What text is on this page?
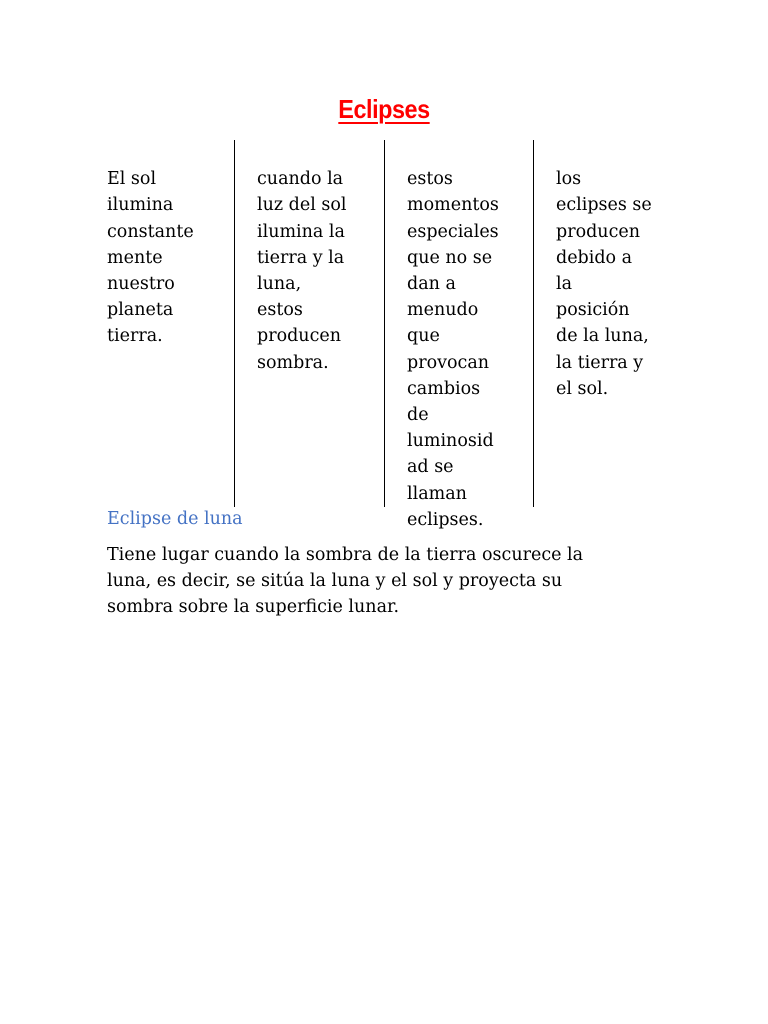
Eclipses

El sol
ilumina
constante
mente
nuestro
planeta
tierra.

cuando la
luz del sol
ilumina la
tierra y la
luna,
estos
producen
sombra.

estos
momentos
especiales
que no se
dan a
menudo
que
provocan
cambios
de
luminosid
ad se
llaman
eclipses.

los
eclipses se
producen
debido a
la
posición
de la luna,
la tierra y
el sol.

Eclipse de luna
Tiene lugar cuando la sombra de la tierra oscurece la
luna, es decir, se sitúa la luna y el sol y proyecta su
sombra sobre la superficie lunar.
